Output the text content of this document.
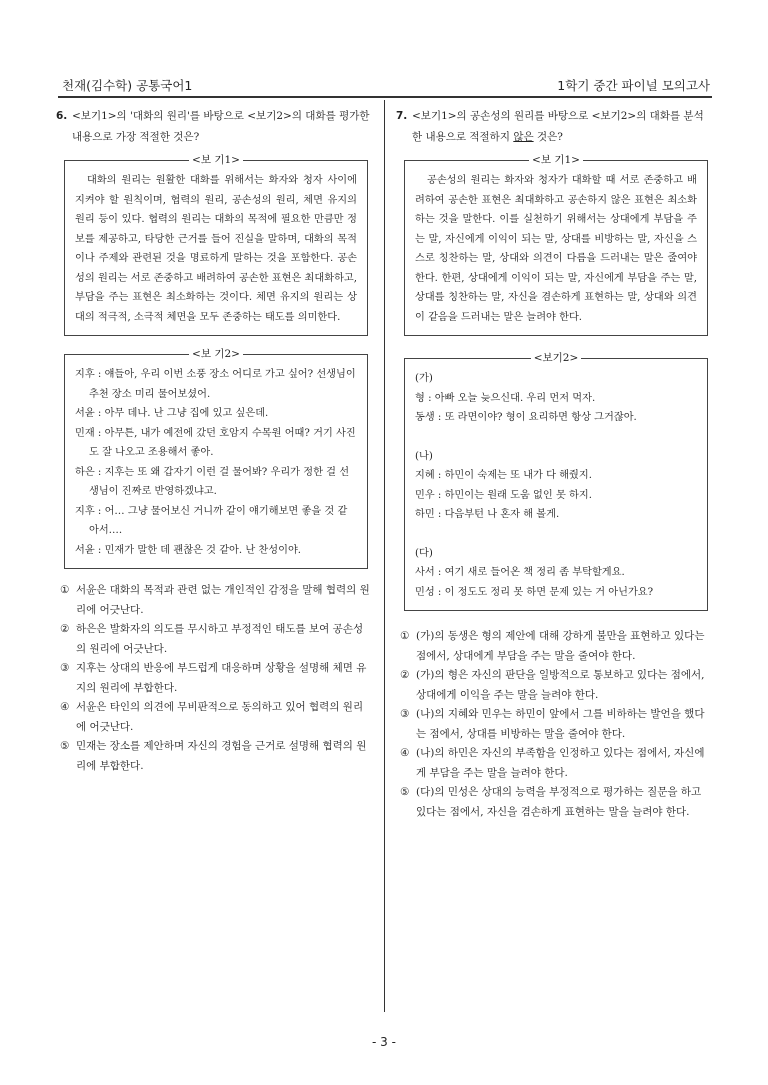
천재(김수학) 공통국어1	1학기 중간 파이널 모의고사
6. <보기1>의 '대화의 원리'를 바탕으로 <보기2>의 대화를 평가한 내용으로 가장 적절한 것은?
<보 기1>
대화의 원리는 원활한 대화를 위해서는 화자와 청자 사이에 지켜야 할 원칙이며, 협력의 원리, 공손성의 원리, 체면 유지의 원리 등이 있다. 협력의 원리는 대화의 목적에 필요한 만큼만 정보를 제공하고, 타당한 근거를 들어 진실을 말하며, 대화의 목적이나 주제와 관련된 것을 명료하게 말하는 것을 포함한다. 공손성의 원리는 서로 존중하고 배려하여 공손한 표현은 최대화하고, 부담을 주는 표현은 최소화하는 것이다. 체면 유지의 원리는 상대의 적극적, 소극적 체면을 모두 존중하는 태도를 의미한다.
<보 기2>
지후 : 얘들아, 우리 이번 소풍 장소 어디로 가고 싶어? 선생님이 추천 장소 미리 물어보셨어.
서윤 : 아무 데나. 난 그냥 집에 있고 싶은데.
민재 : 아무튼, 내가 예전에 갔던 호암지 수목원 어때? 거기 사진도 잘 나오고 조용해서 좋아.
하은 : 지후는 또 왜 갑자기 이런 걸 물어봐? 우리가 정한 걸 선생님이 진짜로 반영하겠냐고.
지후 : 어… 그냥 물어보신 거니까 같이 얘기해보면 좋을 것 같아서….
서윤 : 민재가 말한 데 괜찮은 것 같아. 난 찬성이야.
① 서윤은 대화의 목적과 관련 없는 개인적인 감정을 말해 협력의 원리에 어긋난다.
② 하은은 발화자의 의도를 무시하고 부정적인 태도를 보여 공손성의 원리에 어긋난다.
③ 지후는 상대의 반응에 부드럽게 대응하며 상황을 설명해 체면 유지의 원리에 부합한다.
④ 서윤은 타인의 의견에 무비판적으로 동의하고 있어 협력의 원리에 어긋난다.
⑤ 민재는 장소를 제안하며 자신의 경험을 근거로 설명해 협력의 원리에 부합한다.
7. <보기1>의 공손성의 원리를 바탕으로 <보기2>의 대화를 분석한 내용으로 적절하지 않은 것은?
<보 기1>
공손성의 원리는 화자와 청자가 대화할 때 서로 존중하고 배려하여 공손한 표현은 최대화하고 공손하지 않은 표현은 최소화하는 것을 말한다. 이를 실천하기 위해서는 상대에게 부담을 주는 말, 자신에게 이익이 되는 말, 상대를 비방하는 말, 자신을 스스로 칭찬하는 말, 상대와 의견이 다름을 드러내는 말은 줄여야 한다. 한편, 상대에게 이익이 되는 말, 자신에게 부담을 주는 말, 상대를 칭찬하는 말, 자신을 겸손하게 표현하는 말, 상대와 의견이 같음을 드러내는 말은 늘려야 한다.
<보기2>
(가)
형 : 아빠 오늘 늦으신대. 우리 먼저 먹자.
동생 : 또 라면이야? 형이 요리하면 항상 그거잖아.
(나)
지혜 : 하민이 숙제는 또 내가 다 해줬지.
민우 : 하민이는 원래 도움 없인 못 하지.
하민 : 다음부턴 나 혼자 해 볼게.
(다)
사서 : 여기 새로 들어온 책 정리 좀 부탁할게요.
민성 : 이 정도도 정리 못 하면 문제 있는 거 아닌가요?
① (가)의 동생은 형의 제안에 대해 강하게 불만을 표현하고 있다는 점에서, 상대에게 부담을 주는 말을 줄여야 한다.
② (가)의 형은 자신의 판단을 일방적으로 통보하고 있다는 점에서, 상대에게 이익을 주는 말을 늘려야 한다.
③ (나)의 지혜와 민우는 하민이 앞에서 그를 비하하는 발언을 했다는 점에서, 상대를 비방하는 말을 줄여야 한다.
④ (나)의 하민은 자신의 부족함을 인정하고 있다는 점에서, 자신에게 부담을 주는 말을 늘려야 한다.
⑤ (다)의 민성은 상대의 능력을 부정적으로 평가하는 질문을 하고 있다는 점에서, 자신을 겸손하게 표현하는 말을 늘려야 한다.
- 3 -
